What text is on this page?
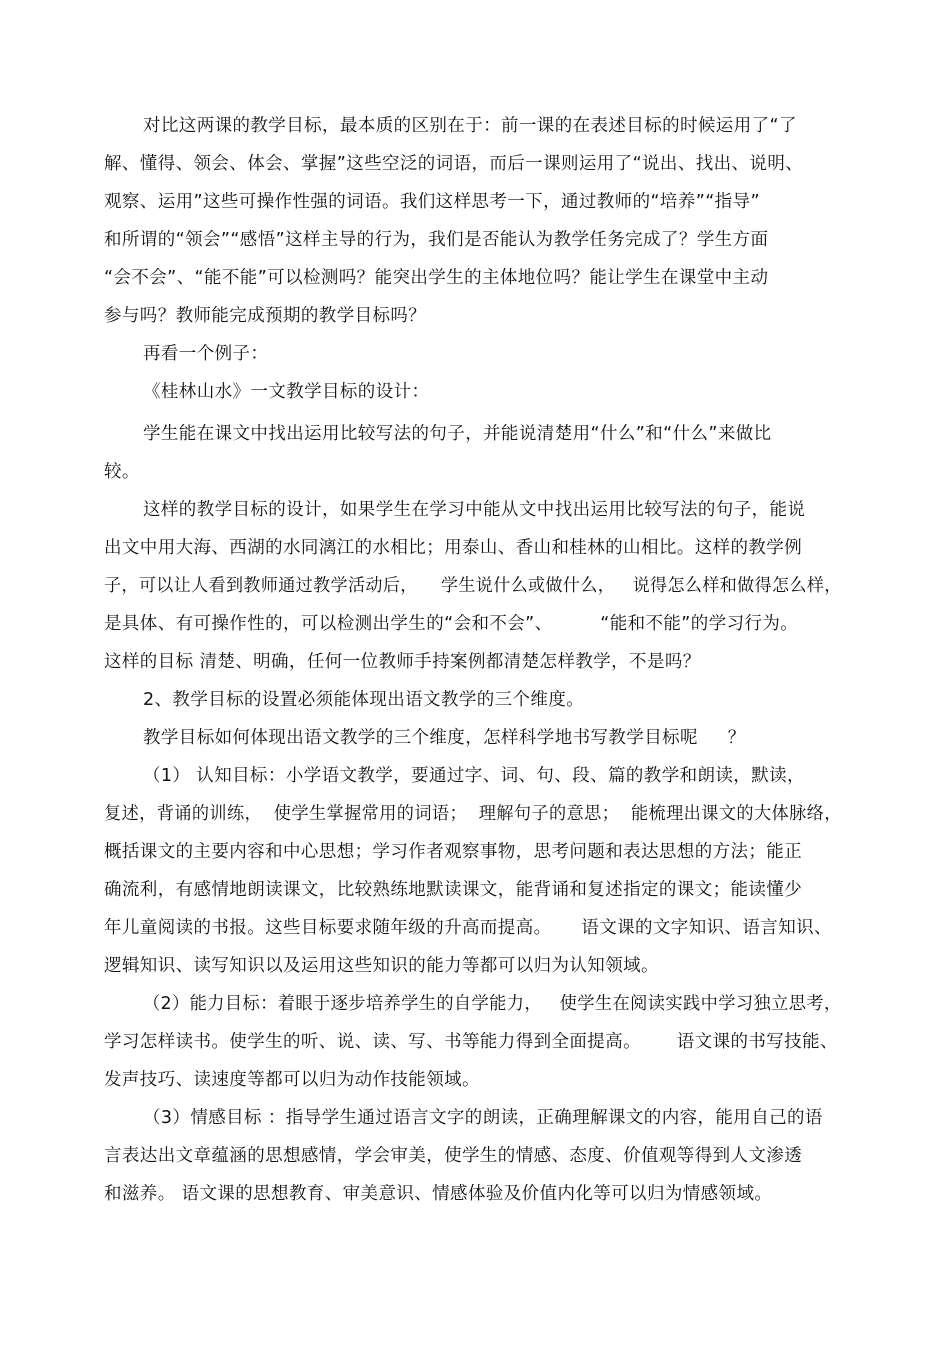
对比这两课的教学目标，最本质的区别在于：前一课的在表述目标的时候运用了“了
解、懂得、领会、体会、掌握”这些空泛的词语，而后一课则运用了“说出、找出、说明、
观察、运用”这些可操作性强的词语。我们这样思考一下，通过教师的“培养”“指导”
和所谓的“领会”“感悟”这样主导的行为，我们是否能认为教学任务完成了？学生方面
“会不会”、“能不能”可以检测吗？能突出学生的主体地位吗？能让学生在课堂中主动
参与吗？教师能完成预期的教学目标吗？
再看一个例子：
《桂林山水》一文教学目标的设计：
学生能在课文中找出运用比较写法的句子，并能说清楚用“什么”和“什么”来做比
较。
这样的教学目标的设计，如果学生在学习中能从文中找出运用比较写法的句子，能说
出文中用大海、西湖的水同漓江的水相比；用泰山、香山和桂林的山相比。这样的教学例
子，可以让人看到教师通过教学活动后，    学生说什么或做什么，   说得怎么样和做得怎么样，
是具体、有可操作性的，可以检测出学生的“会和不会”、        “能和不能”的学习行为。
这样的目标 清楚、明确，任何一位教师手持案例都清楚怎样教学，不是吗？
2、教学目标的设置必须能体现出语文教学的三个维度。
教学目标如何体现出语文教学的三个维度，怎样科学地书写教学目标呢     ？
（1） 认知目标：小学语文教学，要通过字、词、句、段、篇的教学和朗读，默读，
复述，背诵的训练，  使学生掌握常用的词语；  理解句子的意思；  能梳理出课文的大体脉络，
概括课文的主要内容和中心思想；学习作者观察事物，思考问题和表达思想的方法；能正
确流利，有感情地朗读课文，比较熟练地默读课文，能背诵和复述指定的课文；能读懂少
年儿童阅读的书报。这些目标要求随年级的升高而提高。     语文课的文字知识、语言知识、
逻辑知识、读写知识以及运用这些知识的能力等都可以归为认知领域。
（2）能力目标：着眼于逐步培养学生的自学能力，   使学生在阅读实践中学习独立思考，
学习怎样读书。使学生的听、说、读、写、书等能力得到全面提高。      语文课的书写技能、
发声技巧、读速度等都可以归为动作技能领域。
（3）情感目标 ：指导学生通过语言文字的朗读，正确理解课文的内容，能用自己的语
言表达出文章蕴涵的思想感情，学会审美，使学生的情感、态度、价值观等得到人文渗透
和滋养。 语文课的思想教育、审美意识、情感体验及价值内化等可以归为情感领域。
